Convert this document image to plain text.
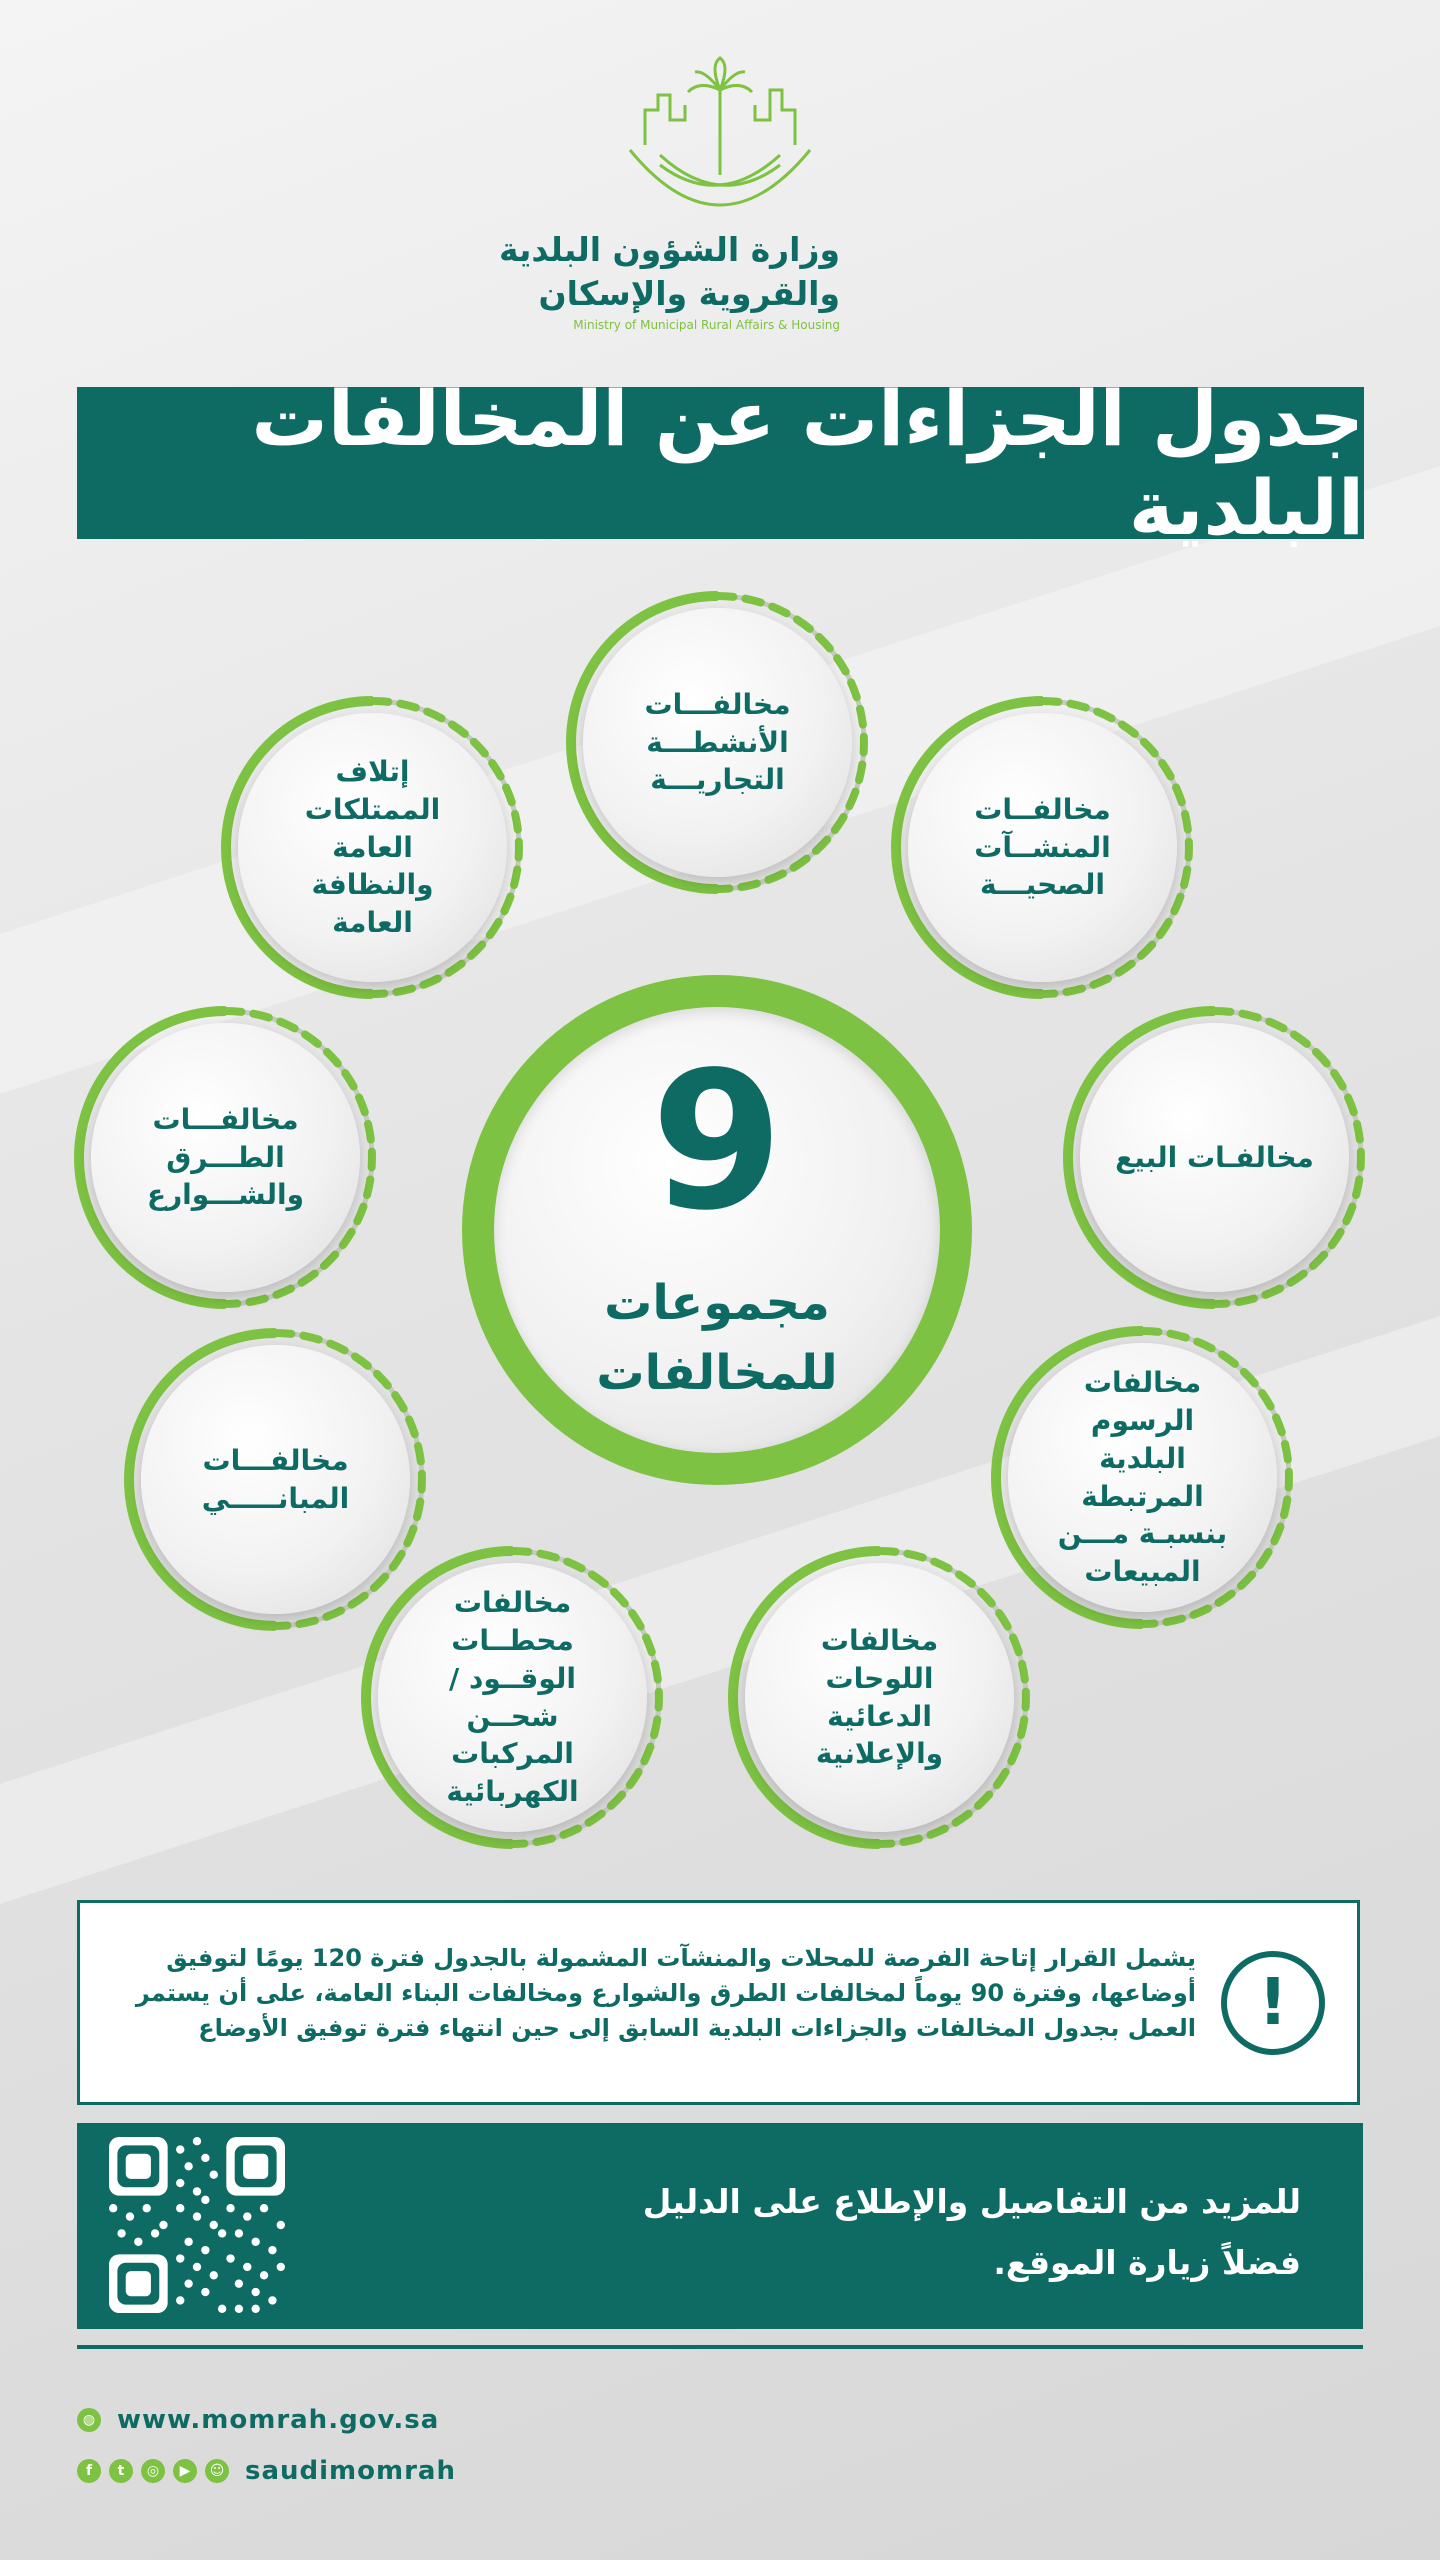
وزارة الشؤون البلدية
والقروية والإسكان
Ministry of Municipal Rural Affairs & Housing
جدول الجزاءات عن المخالفات البلدية
مخالفـــات
الأنشطـــة
التجاريـــة
مخالفــات
المنشــآت
الصحيـــة
مخالفـات البيع
مخالفات الرسوم
البلدية المرتبطة
بنسبـة مـــن
المبيعات
مخالفات اللوحات
الدعائية والإعلانية
مخالفات محطــات
الوقــود / شحــن
المركبات الكهربائية
مخالفـــات
المبانـــــي
مخالفـــات
الطـــرق
والشـــوارع
إتلاف الممتلكات
العامة والنظافة
العامة
9
مجموعات
للمخالفات
!
يشمل القرار إتاحة الفرصة للمحلات والمنشآت المشمولة بالجدول فترة 120 يومًا لتوفيق أوضاعها، وفترة 90 يوماً لمخالفات الطرق والشوارع ومخالفات البناء العامة، على أن يستمر العمل بجدول المخالفات والجزاءات البلدية السابق إلى حين انتهاء فترة توفيق الأوضاع
للمزيد من التفاصيل والإطلاع على الدليل
فضلاً زيارة الموقع.
◍ www.momrah.gov.sa
f	t	◎	▶	☺ saudimomrah
